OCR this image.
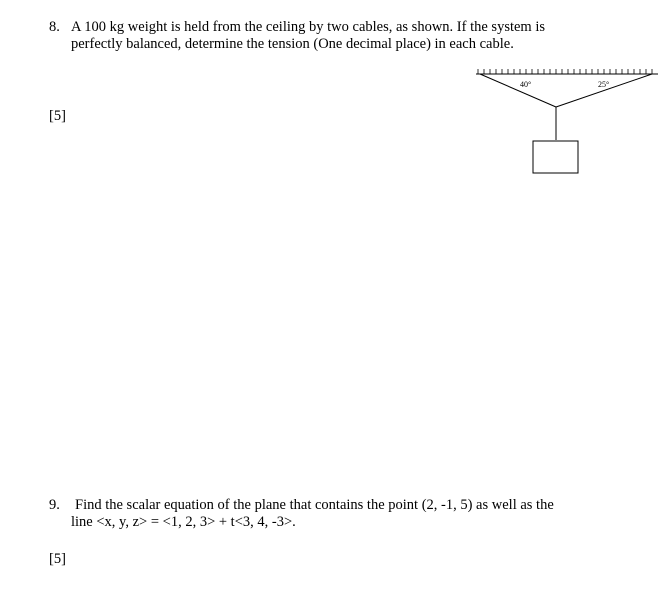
8. A 100 kg weight is held from the ceiling by two cables, as shown. If the system is
perfectly balanced, determine the tension (One decimal place) in each cable.
[5]
40°	25°
9. Find the scalar equation of the plane that contains the point (2, -1, 5) as well as the
line <x, y, z> = <1, 2, 3> + t<3, 4, -3>.
[5]
